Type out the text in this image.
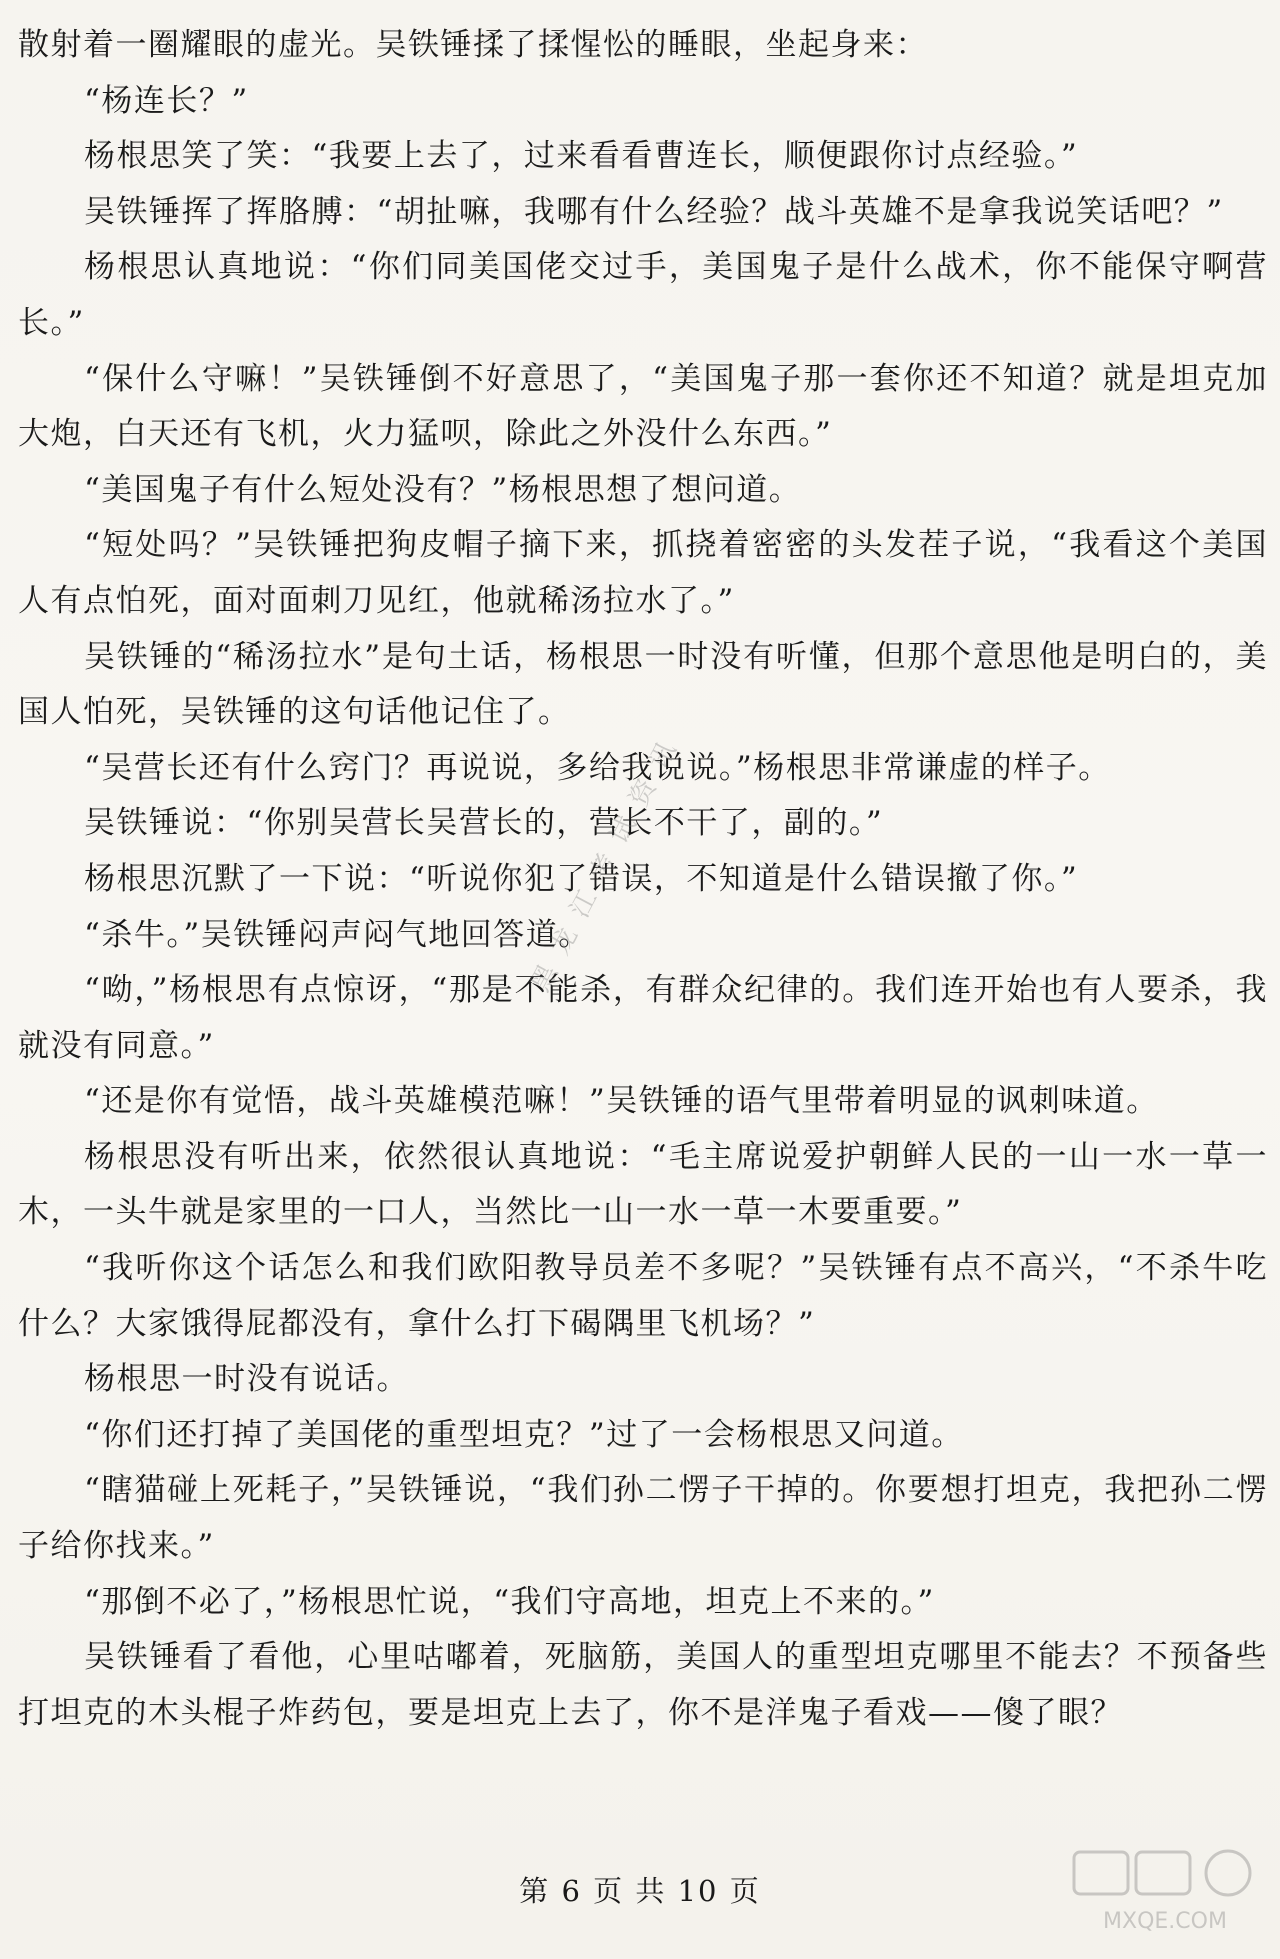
散射着一圈耀眼的虚光。吴铁锤揉了揉惺忪的睡眼，坐起身来：

“杨连长？”

杨根思笑了笑：“我要上去了，过来看看曹连长，顺便跟你讨点经验。”

吴铁锤挥了挥胳膊：“胡扯嘛，我哪有什么经验？战斗英雄不是拿我说笑话吧？”

杨根思认真地说：“你们同美国佬交过手，美国鬼子是什么战术，你不能保守啊营长。”

“保什么守嘛！”吴铁锤倒不好意思了，“美国鬼子那一套你还不知道？就是坦克加大炮，白天还有飞机，火力猛呗，除此之外没什么东西。”

“美国鬼子有什么短处没有？”杨根思想了想问道。

“短处吗？”吴铁锤把狗皮帽子摘下来，抓挠着密密的头发茬子说，“我看这个美国人有点怕死，面对面刺刀见红，他就稀汤拉水了。”

吴铁锤的“稀汤拉水”是句土话，杨根思一时没有听懂，但那个意思他是明白的，美国人怕死，吴铁锤的这句话他记住了。

“吴营长还有什么窍门？再说说，多给我说说。”杨根思非常谦虚的样子。

吴铁锤说：“你别吴营长吴营长的，营长不干了，副的。”

杨根思沉默了一下说：“听说你犯了错误，不知道是什么错误撤了你。”

“杀牛。”吴铁锤闷声闷气地回答道。

“呦，”杨根思有点惊讶，“那是不能杀，有群众纪律的。我们连开始也有人要杀，我就没有同意。”

“还是你有觉悟，战斗英雄模范嘛！”吴铁锤的语气里带着明显的讽刺味道。

杨根思没有听出来，依然很认真地说：“毛主席说爱护朝鲜人民的一山一水一草一木，一头牛就是家里的一口人，当然比一山一水一草一木要重要。”

“我听你这个话怎么和我们欧阳教导员差不多呢？”吴铁锤有点不高兴，“不杀牛吃什么？大家饿得屁都没有，拿什么打下碣隅里飞机场？”

杨根思一时没有说话。

“你们还打掉了美国佬的重型坦克？”过了一会杨根思又问道。

“瞎猫碰上死耗子，”吴铁锤说，“我们孙二愣子干掉的。你要想打坦克，我把孙二愣子给你找来。”

“那倒不必了，”杨根思忙说，“我们守高地，坦克上不来的。”

吴铁锤看了看他，心里咕嘟着，死脑筋，美国人的重型坦克哪里不能去？不预备些打坦克的木头棍子炸药包，要是坦克上去了，你不是洋鬼子看戏——傻了眼？

黑龙江考试资讯
第 6 页 共 10 页
MXQE.COM
